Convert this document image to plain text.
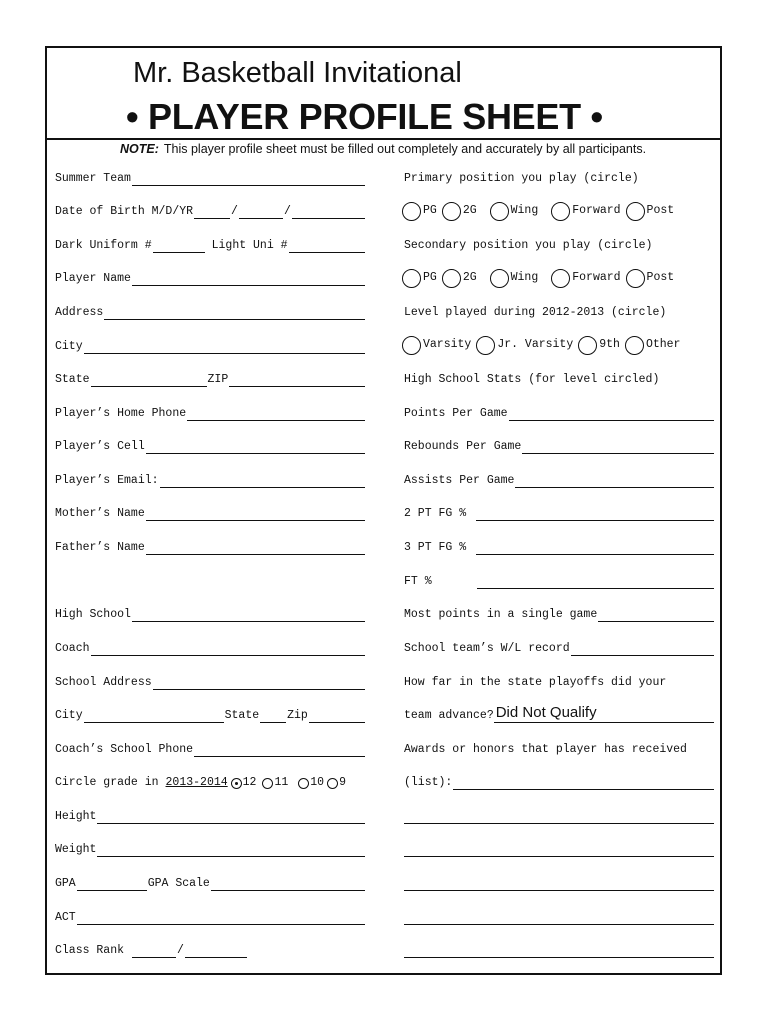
Mr. Basketball Invitational
• PLAYER PROFILE SHEET •
NOTE: This player profile sheet must be filled out completely and accurately by all participants.
Summer Team
Date of Birth M/D/YR	/	/
Dark Uniform #	Light Uni #
Player Name
Address
City
State	ZIP
Player’s Home Phone
Player’s Cell
Player’s Email:
Mother’s Name
Father’s Name
High School
Coach
School Address
City	State Zip
Coach’s School Phone
Circle grade in 2013-2014 12 11 10 9
Height
Weight
GPA	GPA Scale
ACT
Class Rank	/
Primary position you play (circle)
PG 2G	Wing	Forward Post
Secondary position you play (circle)
PG 2G	Wing	Forward Post
Level played during 2012-2013 (circle)
Varsity Jr. Varsity 9th Other
High School Stats (for level circled)
Points Per Game
Rebounds Per Game
Assists Per Game
2 PT FG %
3 PT FG %
FT %
Most points in a single game
School team’s W/L record
How far in the state playoffs did your
team advance? Did Not Qualify
Awards or honors that player has received
(list):
